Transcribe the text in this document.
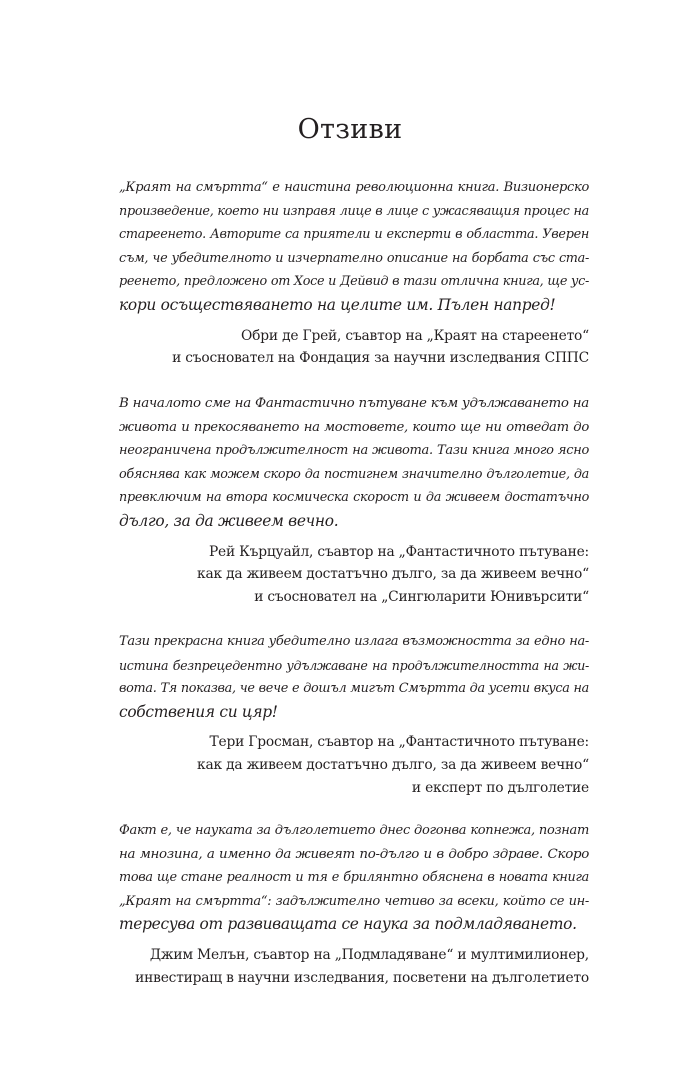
Отзиви

„Краят на смъртта“ е наистина революционна книга. Визионерско
произведение, което ни изправя лице в лице с ужасяващия процес на
стареенето. Авторите са приятели и експерти в областта. Уверен
съм, че убедителното и изчерпателно описание на борбата със ста-
реенето, предложено от Хосе и Дейвид в тази отлична книга, ще ус-
кори осъществяването на целите им. Пълен напред!

Обри де Грей, съавтор на „Краят на стареенето“
и съосновател на Фондация за научни изследвания СППС

В началото сме на Фантастично пътуване към удължаването на
живота и прекосяването на мостовете, които ще ни отведат до
неограничена продължителност на живота. Тази книга много ясно
обяснява как можем скоро да постигнем значително дълголетие, да
превключим на втора космическа скорост и да живеем достатъчно
дълго, за да живеем вечно.

Рей Кърцуайл, съавтор на „Фантастичното пътуване:
как да живеем достатъчно дълго, за да живеем вечно“
и съосновател на „Сингюларити Юнивърсити“

Тази прекрасна книга убедително излага възможността за едно на-
истина безпрецедентно удължаване на продължителността на жи-
вота. Тя показва, че вече е дошъл мигът Смъртта да усети вкуса на
собствения си цяр!

Тери Гросман, съавтор на „Фантастичното пътуване:
как да живеем достатъчно дълго, за да живеем вечно“
и експерт по дълголетие

Факт е, че науката за дълголетието днес догонва копнежа, познат
на мнозина, а именно да живеят по-дълго и в добро здраве. Скоро
това ще стане реалност и тя е брилянтно обяснена в новата книга
„Краят на смъртта“: задължително четиво за всеки, който се ин-
тересува от развиващата се наука за подмладяването.

Джим Мелън, съавтор на „Подмладяване“ и мултимилионер,
инвестиращ в научни изследвания, посветени на дълголетието
